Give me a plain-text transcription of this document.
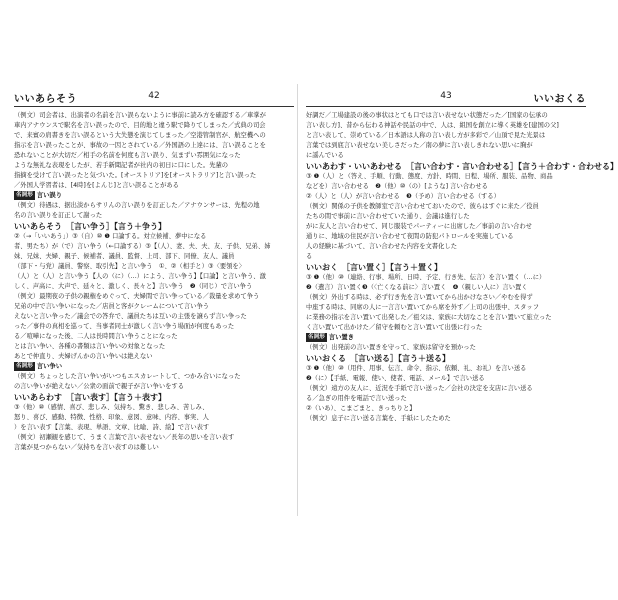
いいあらそう	42
（例文）司会者は、出演者の名前を言い誤らないように事前に読み方を確認する／車掌が
車内アナウンスで駅名を言い誤ったので、目的地と違う駅で降りてしまった／式典の司会
で、来賓の肩書きを言い誤るという大失態を演じてしまった／空港管制官が、航空機への
指示を言い誤ったことが、事故の一因とされている／外国語の上達には、言い誤ることを
恐れないことが大切だ／相手の名前を何度も言い誤り、気まずい雰囲気になった
ような無礼な表現をしたが、若手新聞記者が社内の初日に口にした。先輩の
指摘を受けて言い誤ったと気づいた。[オーストリア]を[オーストラリア]と言い誤った
／外国人学習者は、[4時]を[よんじ]と言い誤ることがある
名詞形 言い誤り
（例文）待遇は、据出淡からサリんの言い誤りを訂正した／アナウンサーは、先程の地
名の言い誤りを訂正して謝った
いいあらそう　［言い争う］【言う＋争う】
②（→「いいあう」）③（自）⑩ ❶ 口論する。対立候補、夢中になる
者、男たち）が（で）言い争う（←口論する）③【（人）、妻、夫、夫、友、子供、兄弟、姉
妹、兄妹、夫婦、親子、候補者、議員、監督、上司、部下、同僚、友人、議員
（部下・与党）議員、警察、取引先】と言い争う　①、②（相手と）③〈要領を〉
（人）と（人）と言い争う【人の（に）（…）によう、言い争う】【口論】と言い争う、激
しく、声高に、大声で、延々と、激しく、長々と】言い争う　❷（同じ）で言い争う
（例文）最期夜の子供の親権をめぐって、夫婦間で言い争っている／裁量を求めて争う
兄弟の中で言い争いになった／店員と客がクレームについて言い争う
えないと言い争った／議会での答弁で、議員たちは互いの主張を譲らず言い争った
った／事件の真相を巡って、当事者同士が激しく言い争う場面が何度もあった
る／喧嘩になった後、二人は長時間言い争うことになった
とは言い争い、各種の書類は言い争いの対象となった
あとで仲直り、夫婦げんかの言い争いは絶えない
名詞形 言い争い
（例文）ちょっとした言い争いがいつもエスカレートして、つかみ合いになった
の言い争いが絶えない／公衆の面前で親子が言い争いをする
いいあらわす　［言い表す］【言う＋表す】
③（他）⑩（感情、喜び、悲しみ、気持ち、驚き、悲しみ、苦しみ、
怒り、喜び、感動、特徴、性格、印象、意図、意味、内容、事実、人
）を言い表す【言葉、表現、単語、文章、比喩、詩、絵】で言い表す
（例文）初瀬観を感じて、うまく言葉で言い表せない／長年の思いを言い表す
言葉が見つからない／気持ちを言い表すのは難しい
43	いいおくる
好調だ／工場建設の後の事状はとても口では言い表せない状態だった／[国家の伝承の
言い表し方]、昔から伝わる神話や民話の中で、人は、組国を創立に導く英雄を[建国の父]
と言い表して、崇めている／日本語は人称の言い表し方が多彩で／山頂で見た光景は
言葉では到底言い表せない美しさだった／南の夢に言い表しきれない思いに胸が
に謡んでいる
いいあわす・いいあわせる　［言い合わす・言い合わせる］【言う＋合わす・合わせる】
③ ❶（人）と（答え、手順、行動、態度、方針、時間、日程、場所、服装、品物、商品
などを）言い合わせる　❷（他）⑩（の）[ような] 言い合わせる
②（人）と（人）が言い合わせる　❸（予め）言い合わせる（する）
（例文）関係の子供を教師室で言い合わせておいたので、彼らはすぐに来た／役員
たちの間で事前に言い合わせていた通り、会議は進行した
がに友人と言い合わせて、同じ服装でパーティーに出席した／事前の言い合わせ
通りに、地域の住民が言い合わせて夜間の防犯パトロールを実施している
人の経験に基づいて、言い合わせた内容を文書化した
る
いいおく　［言い置く］【言う＋置く】
③ ❶（他）⑩（連絡、行事、場所、日時、予定、行き先、伝言）を言い置く（…に）
❷（遺言）言い置く❸（〈亡くなる前に〉言い置く　❹（親しい人に）言い置く
（例文）外出する時は、必ず行き先を言い置いてから出かけなさい／やむを得ず
中座する時は、同席の人に一言言い置いてから席を外す／上司の出張中、スタッフ
に業務の指示を言い置いて出発した／祖父は、家族に大切なことを言い置いて旅立った
く言い置いて出かけた／留守を頼むと言い置いて出張に行った
名詞形 言い置き
（例文）出発前の言い置きを守って、家族は留守を預かった
いいおくる　［言い送る］【言う＋送る】
③ ❶（他）⑩（用件、用事、伝言、命令、指示、依頼、礼、お礼）を言い送る
❷（に）【手紙、電報、使い、使者、電話、メール】で言い送る
（例文）遠方の友人に、近況を手紙で言い送った／会社の決定を支店に言い送る
る／急ぎの用件を電話で言い送った
②（いあ）、こまごまと、きっちりと】
（例文）息子に言い送る言葉を、手紙にしたためた
